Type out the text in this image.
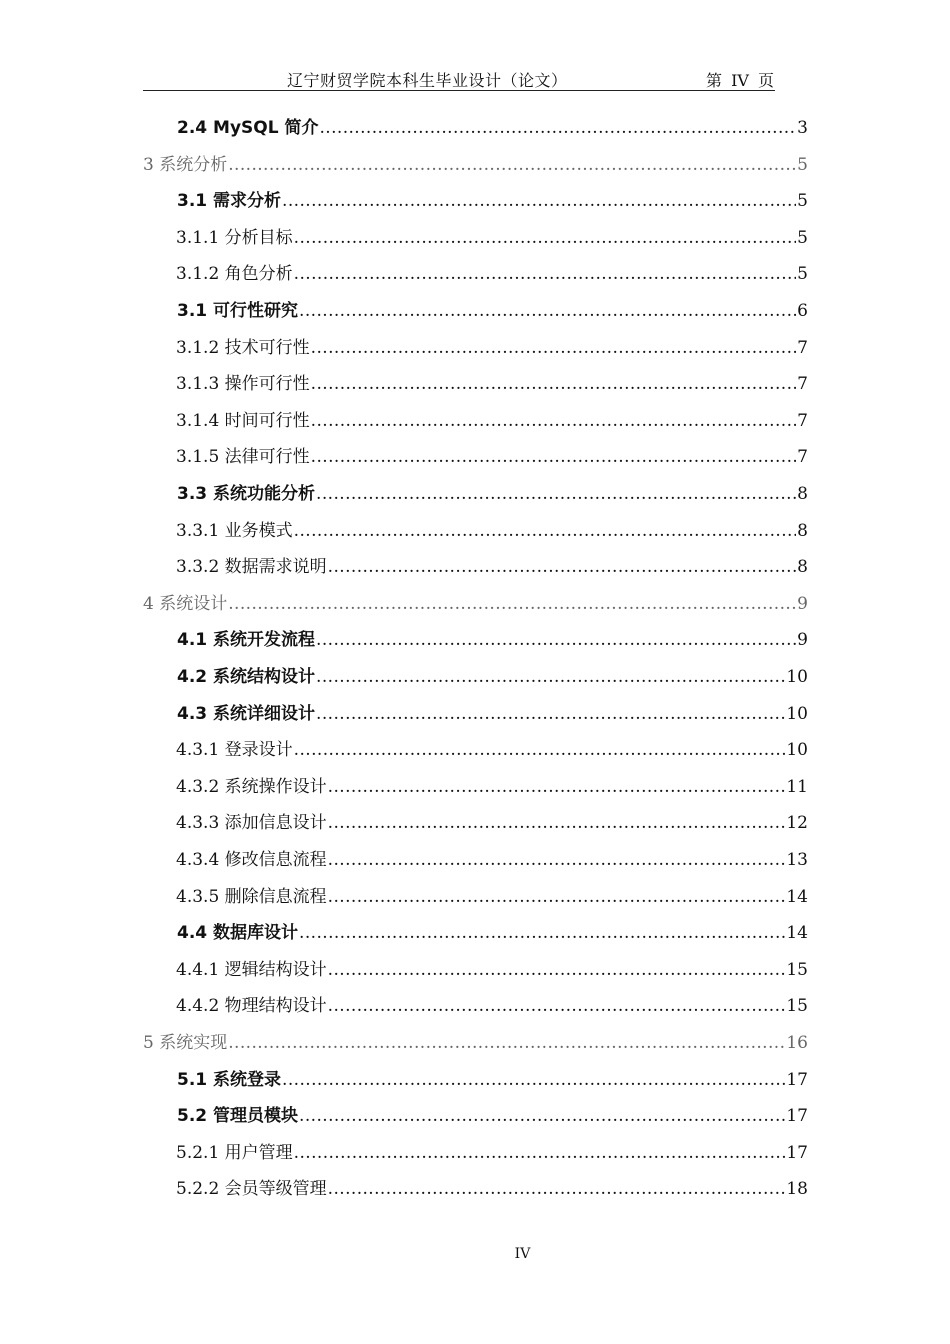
辽宁财贸学院本科生毕业设计（论文）	第 IV 页
2.4 MySQL 简介 .....	3
3 系统分析 .....	5
3.1 需求分析 .....	5
3.1.1 分析目标 .....	5
3.1.2 角色分析 .....	5
3.1 可行性研究 .....	6
3.1.2 技术可行性 .....	7
3.1.3 操作可行性 .....	7
3.1.4 时间可行性 .....	7
3.1.5 法律可行性 .....	7
3.3 系统功能分析 .....	8
3.3.1 业务模式 .....	8
3.3.2 数据需求说明 .....	8
4 系统设计 .....	9
4.1 系统开发流程 .....	9
4.2 系统结构设计 .....	10
4.3 系统详细设计 .....	10
4.3.1 登录设计 .....	10
4.3.2 系统操作设计 .....	11
4.3.3 添加信息设计 .....	12
4.3.4 修改信息流程 .....	13
4.3.5 删除信息流程 .....	14
4.4 数据库设计 .....	14
4.4.1 逻辑结构设计 .....	15
4.4.2 物理结构设计 .....	15
5 系统实现 .....	16
5.1 系统登录 .....	17
5.2 管理员模块 .....	17
5.2.1 用户管理 .....	17
5.2.2 会员等级管理 .....	18
IV
